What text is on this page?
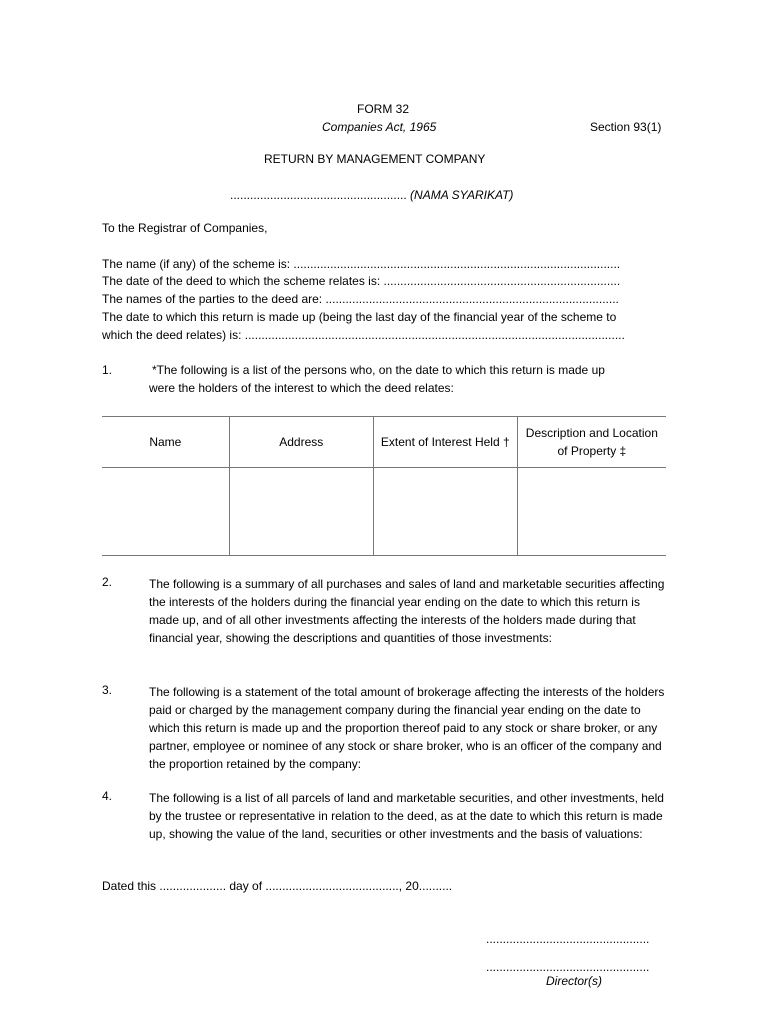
FORM 32
Companies Act, 1965	Section 93(1)
RETURN BY MANAGEMENT COMPANY
..................................................... (NAMA SYARIKAT)
To the Registrar of Companies,
The name (if any) of the scheme is: ..................................................................................................
The date of the deed to which the scheme relates is: .......................................................................
The names of the parties to the deed are: ........................................................................................
The date to which this return is made up (being the last day of the financial year of the scheme to
which the deed relates) is: ..................................................................................................................
1.	*The following is a list of the persons who, on the date to which this return is made up
were the holders of the interest to which the deed relates:
Name	Address	Extent of Interest Held †	Description and Location of Property ‡

2.	The following is a summary of all purchases and sales of land and marketable securities affecting the interests of the holders during the financial year ending on the date to which this return is made up, and of all other investments affecting the interests of the holders made during that financial year, showing the descriptions and quantities of those investments:
3.	The following is a statement of the total amount of brokerage affecting the interests of the holders paid or charged by the management company during the financial year ending on the date to which this return is made up and the proportion thereof paid to any stock or share broker, or any partner, employee or nominee of any stock or share broker, who is an officer of the company and the proportion retained by the company:
4.	The following is a list of all parcels of land and marketable securities, and other investments, held by the trustee or representative in relation to the deed, as at the date to which this return is made up, showing the value of the land, securities or other investments and the basis of valuations:
Dated this .................... day of ........................................, 20..........
.................................................
.................................................
Director(s)
